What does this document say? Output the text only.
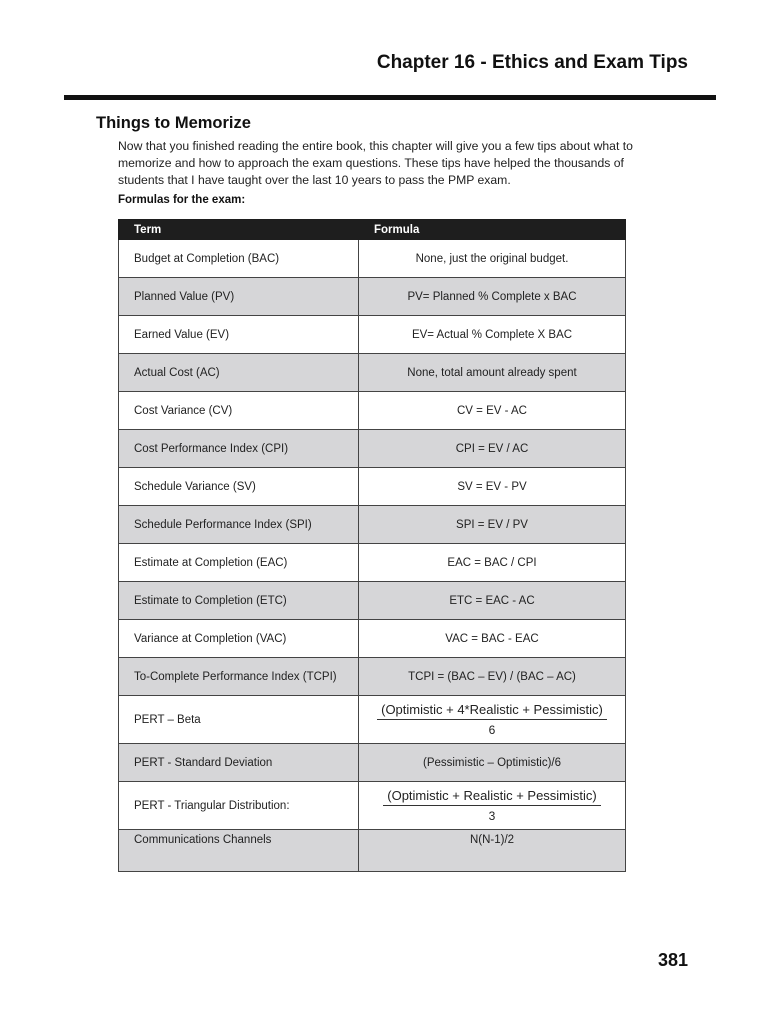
Chapter 16 - Ethics and Exam Tips
Things to Memorize
Now that you finished reading the entire book, this chapter will give you a few tips about what to memorize and how to approach the exam questions. These tips have helped the thousands of students that I have taught over the last 10 years to pass the PMP exam.
Formulas for the exam:
Term	Formula
Budget at Completion (BAC)	None, just the original budget.
Planned Value (PV)	PV= Planned % Complete x BAC
Earned Value (EV)	EV= Actual % Complete X BAC
Actual Cost (AC)	None, total amount already spent
Cost Variance (CV)	CV = EV - AC
Cost Performance Index (CPI)	CPI = EV / AC
Schedule Variance (SV)	SV = EV - PV
Schedule Performance Index (SPI)	SPI = EV / PV
Estimate at Completion (EAC)	EAC = BAC / CPI
Estimate to Completion (ETC)	ETC = EAC - AC
Variance at Completion (VAC)	VAC = BAC - EAC
To-Complete Performance Index (TCPI)	TCPI = (BAC – EV) / (BAC – AC)
PERT – Beta	$\frac{\text{(Optimistic + 4*Realistic + Pessimistic)}}{6}$

PERT - Standard Deviation	(Pessimistic – Optimistic)/6
PERT - Triangular Distribution:	$\frac{\text{(Optimistic + Realistic + Pessimistic)}}{3}$

Communications Channels	N(N-1)/2
381
